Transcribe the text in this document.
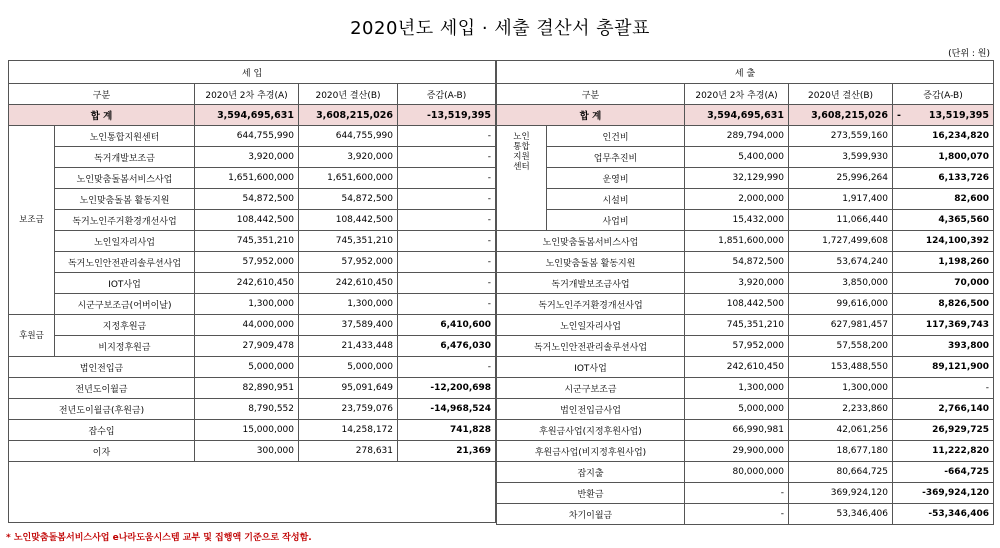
2020년도 세입 · 세출 결산서 총괄표
(단위 : 원)
세 입				
구분		2020년 2차 추경(A)	2020년 결산(B)	증감(A-B)
합 계		3,594,695,631	3,608,215,026	-13,519,395
보조금	노인통합지원센터	644,755,990	644,755,990	-
	독거개발보조금	3,920,000	3,920,000	-
	노인맞춤돌봄서비스사업	1,651,600,000	1,651,600,000	-
	노인맞춤돌봄 활동지원	54,872,500	54,872,500	-
	독거노인주거환경개선사업	108,442,500	108,442,500	-
	노인일자리사업	745,351,210	745,351,210	-
	독거노인안전관리솔루션사업	57,952,000	57,952,000	-
	IOT사업	242,610,450	242,610,450	-
	시군구보조금(어버이날)	1,300,000	1,300,000	-
후원금	지정후원금	44,000,000	37,589,400	6,410,600
	비지정후원금	27,909,478	21,433,448	6,476,030
법인전입금		5,000,000	5,000,000	-
전년도이월금		82,890,951	95,091,649	-12,200,698
전년도이월금(후원금)		8,790,552	23,759,076	-14,968,524
잡수입		15,000,000	14,258,172	741,828
이자		300,000	278,631	21,369

세 출				
구분		2020년 2차 추경(A)	2020년 결산(B)	증감(A-B)
합 계		3,594,695,631	3,608,215,026	- 13,519,395
노인
통합
지원
센터	인건비	289,794,000	273,559,160	16,234,820
	업무추진비	5,400,000	3,599,930	1,800,070
	운영비	32,129,990	25,996,264	6,133,726
	시설비	2,000,000	1,917,400	82,600
	사업비	15,432,000	11,066,440	4,365,560
노인맞춤돌봄서비스사업		1,851,600,000	1,727,499,608	124,100,392
노인맞춤돌봄 활동지원		54,872,500	53,674,240	1,198,260
독거개발보조금사업		3,920,000	3,850,000	70,000
독거노인주거환경개선사업		108,442,500	99,616,000	8,826,500
노인일자리사업		745,351,210	627,981,457	117,369,743
독거노인안전관리솔루션사업		57,952,000	57,558,200	393,800
IOT사업		242,610,450	153,488,550	89,121,900
시군구보조금		1,300,000	1,300,000	-
법인전입금사업		5,000,000	2,233,860	2,766,140
후원금사업(지정후원사업)		66,990,981	42,061,256	26,929,725
후원금사업(비지정후원사업)		29,900,000	18,677,180	11,222,820
잡지출		80,000,000	80,664,725	-664,725
반환금		-	369,924,120	-369,924,120
차기이월금		-	53,346,406	-53,346,406
* 노인맞춤돌봄서비스사업 e나라도움시스템 교부 및 집행액 기준으로 작성함.
